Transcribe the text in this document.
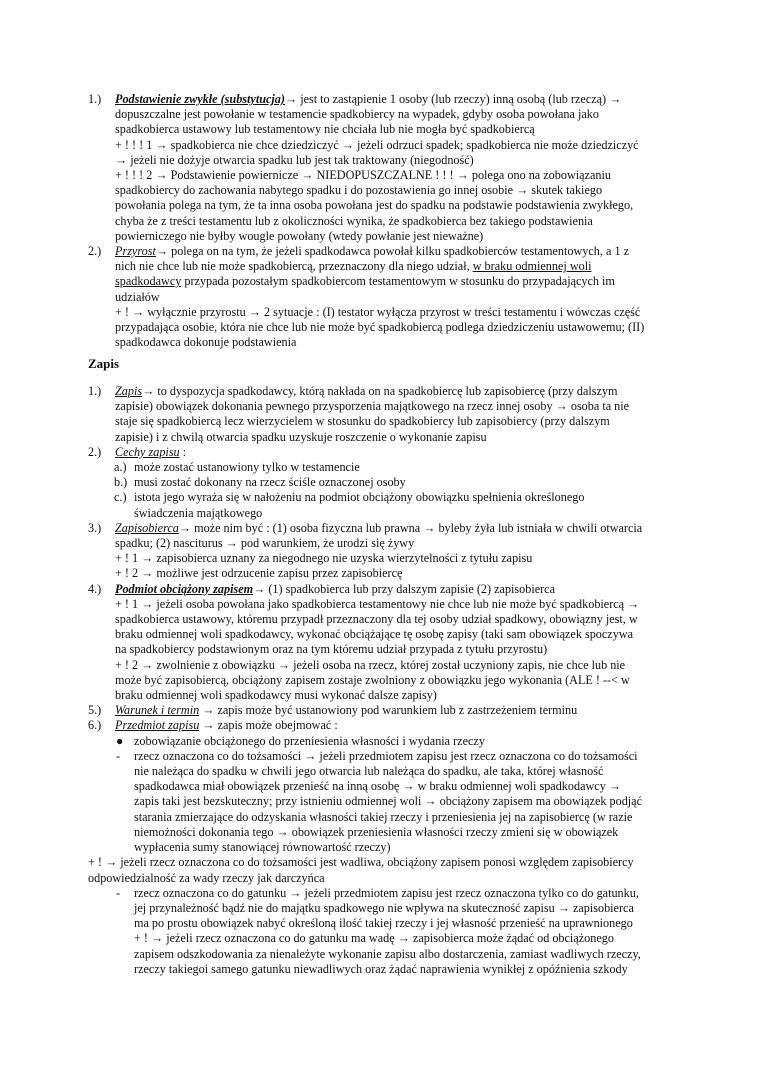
1.) Podstawienie zwykłe (substytucja)→ jest to zastąpienie 1 osoby (lub rzeczy) inną osobą (lub rzeczą) →
dopuszczalne jest powołanie w testamencie spadkobiercy na wypadek, gdyby osoba powołana jako
spadkobierca ustawowy lub testamentowy nie chciała lub nie mogła być spadkobiercą
+ ! ! ! 1 → spadkobierca nie chce dziedziczyć → jeżeli odrzuci spadek; spadkobierca nie może dziedziczyć
→ jeżeli nie dożyje otwarcia spadku lub jest tak traktowany (niegodność)
+ ! ! ! 2 → Podstawienie powiernicze → NIEDOPUSZCZALNE ! ! ! → polega ono na zobowiązaniu
spadkobiercy do zachowania nabytego spadku i do pozostawienia go innej osobie → skutek takiego
powołania polega na tym, że ta inna osoba powołana jest do spadku na podstawie podstawienia zwykłego,
chyba że z treści testamentu lub z okoliczności wynika, że spadkobierca bez takiego podstawienia
powierniczego nie byłby wougle powołany (wtedy powłanie jest nieważne)
2.) Przyrost→ polega on na tym, że jeżeli spadkodawca powołał kilku spadkobierców testamentowych, a 1 z
nich nie chce lub nie może spadkobiercą, przeznaczony dla niego udział, w braku odmiennej woli
spadkodawcy przypada pozostałym spadkobiercom testamentowym w stosunku do przypadających im
udziałów
+ ! → wyłącznie przyrostu → 2 sytuacje : (I) testator wyłącza przyrost w treści testamentu i wówczas część
przypadająca osobie, która nie chce lub nie może być spadkobiercą podlega dziedziczeniu ustawowemu; (II)
spadkodawca dokonuje podstawienia
Zapis
1.) Zapis→ to dyspozycja spadkodawcy, którą nakłada on na spadkobiercę lub zapisobiercę (przy dalszym
zapisie) obowiązek dokonania pewnego przysporzenia majątkowego na rzecz innej osoby → osoba ta nie
staje się spadkobiercą lecz wierzycielem w stosunku do spadkobiercy lub zapisobiercy (przy dalszym
zapisie) i z chwilą otwarcia spadku uzyskuje roszczenie o wykonanie zapisu
2.) Cechy zapisu :
a.) może zostać ustanowiony tylko w testamencie
b.) musi zostać dokonany na rzecz ściśle oznaczonej osoby
c.) istota jego wyraża się w nałożeniu na podmiot obciążony obowiązku spełnienia określonego
świadczenia majątkowego
3.) Zapisobierca→ może nim być : (1) osoba fizyczna lub prawna → byleby żyła lub istniała w chwili otwarcia
spadku; (2) nasciturus → pod warunkiem, że urodzi się żywy
+ ! 1 → zapisobierca uznany za niegodnego nie uzyska wierzytelności z tytułu zapisu
+ ! 2 → możliwe jest odrzucenie zapisu przez zapisobiercę
4.) Podmiot obciążony zapisem→ (1) spadkobierca lub przy dalszym zapisie (2) zapisobierca
+ ! 1 → jeżeli osoba powołana jako spadkobierca testamentowy nie chce lub nie może być spadkobiercą →
spadkobierca ustawowy, któremu przypadł przeznaczony dla tej osoby udział spadkowy, obowiązny jest, w
braku odmiennej woli spadkodawcy, wykonać obciążające tę osobę zapisy (taki sam obowiązek spoczywa
na spadkobiercy podstawionym oraz na tym któremu udział przypada z tytułu przyrostu)
+ ! 2 → zwolnienie z obowiązku → jeżeli osoba na rzecz, której został uczyniony zapis, nie chce lub nie
może być zapisobiercą, obciążony zapisem zostaje zwolniony z obowiązku jego wykonania (ALE ! --< w
braku odmiennej woli spadkodawcy musi wykonać dalsze zapisy)
5.) Warunek i termin → zapis może być ustanowiony pod warunkiem lub z zastrzeżeniem terminu
6.) Przedmiot zapisu → zapis może obejmować :
● zobowiązanie obciążonego do przeniesienia własności i wydania rzeczy
- rzecz oznaczona co do tożsamości → jeżeli przedmiotem zapisu jest rzecz oznaczona co do tożsamości
nie należąca do spadku w chwili jego otwarcia lub należąca do spadku, ale taka, której własność
spadkodawca miał obowiązek przenieść na inną osobę → w braku odmiennej woli spadkodawcy →
zapis taki jest bezskuteczny; przy istnieniu odmiennej woli → obciążony zapisem ma obowiązek podjąć
starania zmierzające do odzyskania własności takiej rzeczy i przeniesienia jej na zapisobiercę (w razie
niemożności dokonania tego → obowiązek przeniesienia własności rzeczy zmieni się w obowiązek
wypłacenia sumy stanowiącej równowartość rzeczy)
+ ! → jeżeli rzecz oznaczona co do tożsamości jest wadliwa, obciążony zapisem ponosi względem zapisobiercy
odpowiedzialność za wady rzeczy jak darczyńca
- rzecz oznaczona co do gatunku → jeżeli przedmiotem zapisu jest rzecz oznaczona tylko co do gatunku,
jej przynależność bądź nie do majątku spadkowego nie wpływa na skuteczność zapisu → zapisobierca
ma po prostu obowiązek nabyć określoną ilość takiej rzeczy i jej własność przenieść na uprawnionego
+ ! → jeżeli rzecz oznaczona co do gatunku ma wadę → zapisobierca może żądać od obciążonego
zapisem odszkodowania za nienależyte wykonanie zapisu albo dostarczenia, zamiast wadliwych rzeczy,
rzeczy takiegoi samego gatunku niewadliwych oraz żądać naprawienia wynikłej z opóźnienia szkody
